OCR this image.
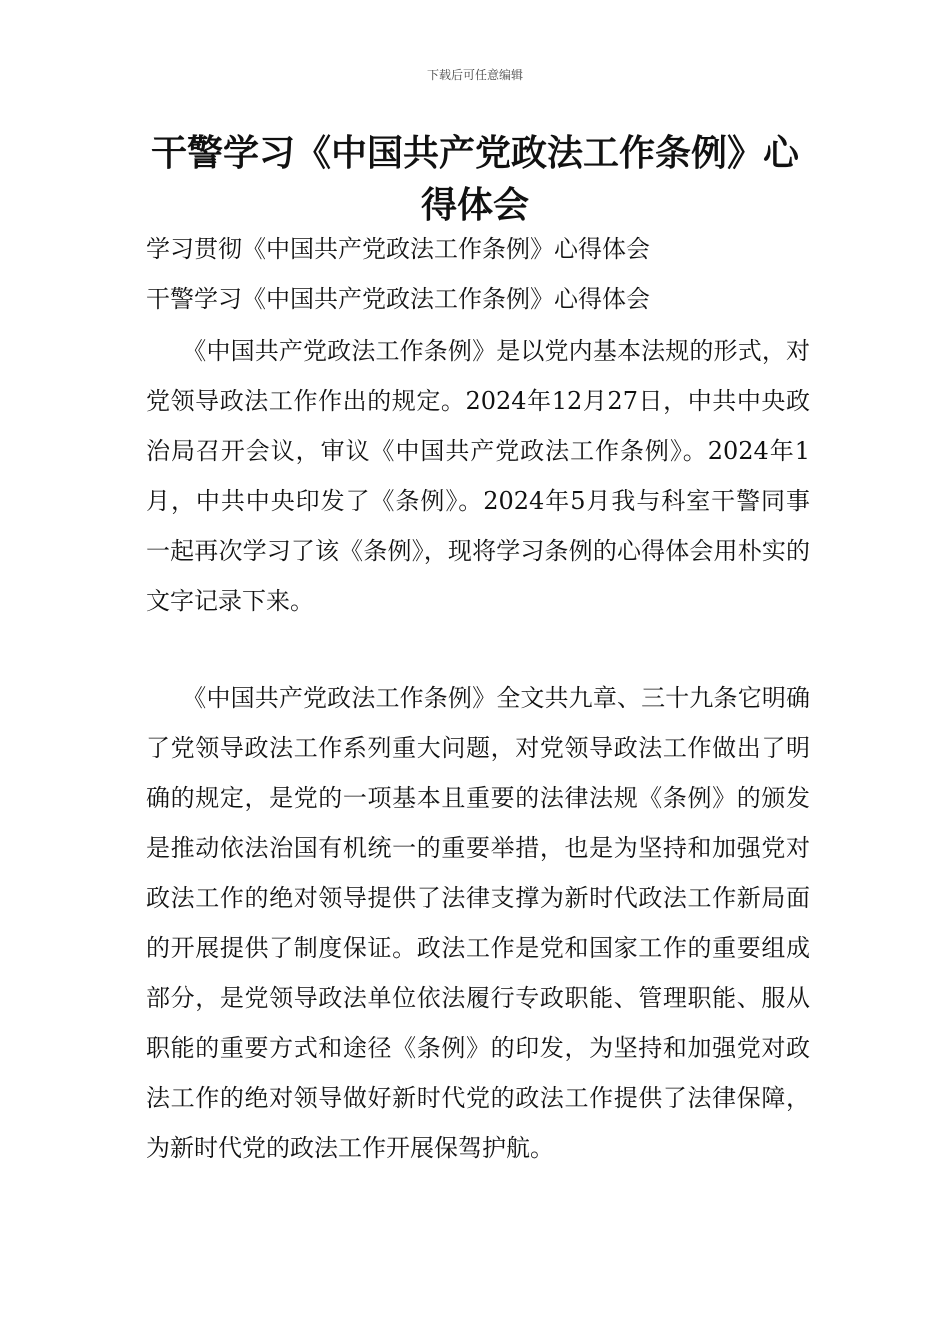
下载后可任意编辑
干警学习《中国共产党政法工作条例》心得体会
学习贯彻《中国共产党政法工作条例》心得体会
干警学习《中国共产党政法工作条例》心得体会

　　《中国共产党政法工作条例》是以党内基本法规的形式，对党领导政法工作作出的规定。2024年12月27日，中共中央政治局召开会议，审议《中国共产党政法工作条例》。2024年1月，中共中央印发了《条例》。2024年5月我与科室干警同事一起再次学习了该《条例》，现将学习条例的心得体会用朴实的文字记录下来。

　　《中国共产党政法工作条例》全文共九章、三十九条它明确了党领导政法工作系列重大问题，对党领导政法工作做出了明确的规定，是党的一项基本且重要的法律法规《条例》的颁发是推动依法治国有机统一的重要举措，也是为坚持和加强党对政法工作的绝对领导提供了法律支撑为新时代政法工作新局面的开展提供了制度保证。政法工作是党和国家工作的重要组成部分，是党领导政法单位依法履行专政职能、管理职能、服从职能的重要方式和途径《条例》的印发，为坚持和加强党对政法工作的绝对领导做好新时代党的政法工作提供了法律保障，为新时代党的政法工作开展保驾护航。
